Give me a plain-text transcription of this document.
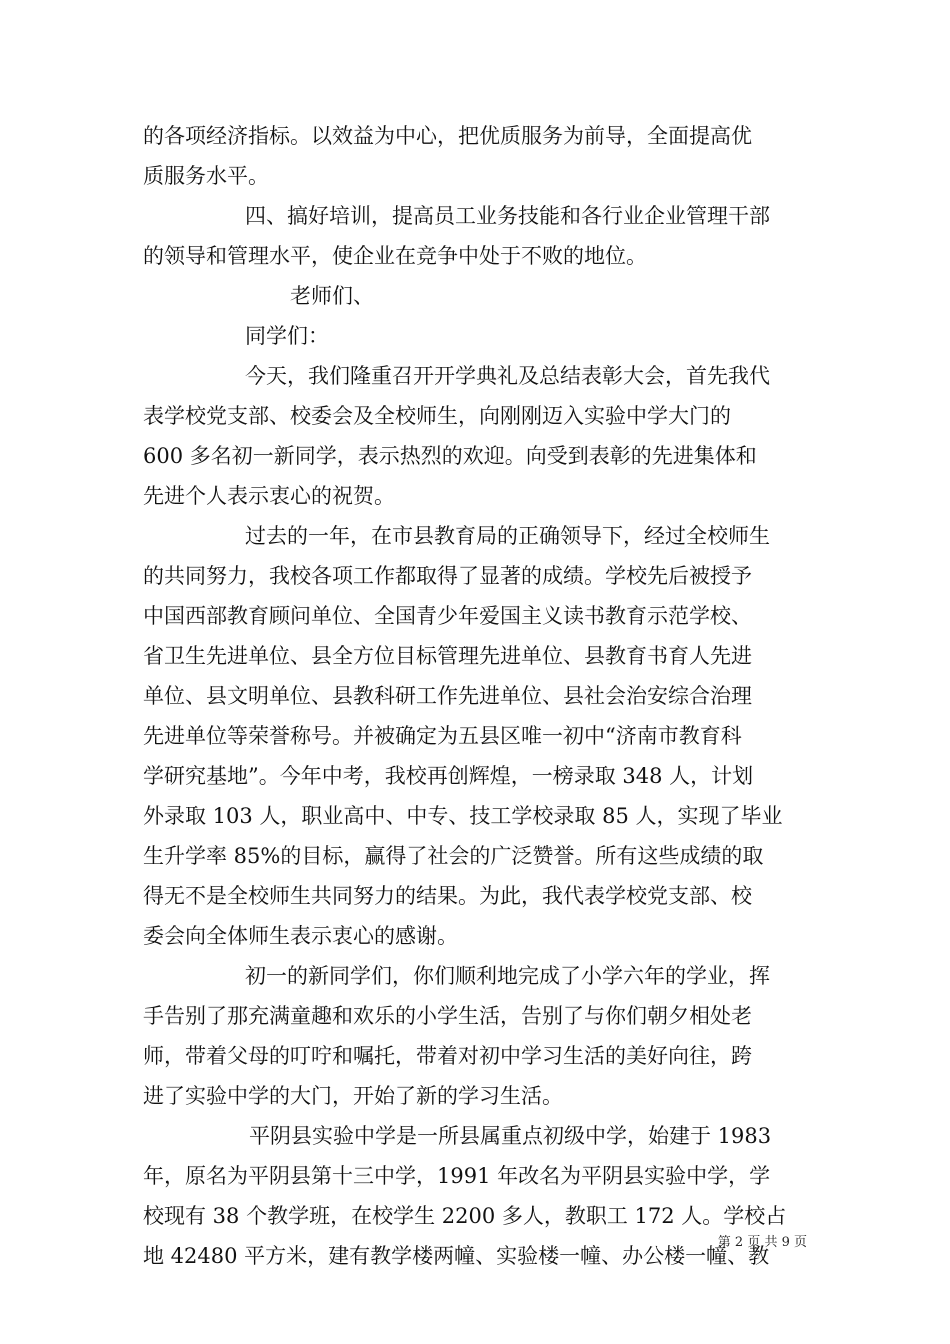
的各项经济指标。以效益为中心，把优质服务为前导，全面提高优
质服务水平。
四、搞好培训，提高员工业务技能和各行业企业管理干部
的领导和管理水平，使企业在竞争中处于不败的地位。
老师们、
同学们：
今天，我们隆重召开开学典礼及总结表彰大会，首先我代
表学校党支部、校委会及全校师生，向刚刚迈入实验中学大门的
600 多名初一新同学，表示热烈的欢迎。向受到表彰的先进集体和
先进个人表示衷心的祝贺。
过去的一年，在市县教育局的正确领导下，经过全校师生
的共同努力，我校各项工作都取得了显著的成绩。学校先后被授予
中国西部教育顾问单位、全国青少年爱国主义读书教育示范学校、
省卫生先进单位、县全方位目标管理先进单位、县教育书育人先进
单位、县文明单位、县教科研工作先进单位、县社会治安综合治理
先进单位等荣誉称号。并被确定为五县区唯一初中“济南市教育科
学研究基地”。今年中考，我校再创辉煌，一榜录取 348 人，计划
外录取 103 人，职业高中、中专、技工学校录取 85 人，实现了毕业
生升学率 85%的目标，赢得了社会的广泛赞誉。所有这些成绩的取
得无不是全校师生共同努力的结果。为此，我代表学校党支部、校
委会向全体师生表示衷心的感谢。
初一的新同学们，你们顺利地完成了小学六年的学业，挥
手告别了那充满童趣和欢乐的小学生活，告别了与你们朝夕相处老
师，带着父母的叮咛和嘱托，带着对初中学习生活的美好向往，跨
进了实验中学的大门，开始了新的学习生活。
平阴县实验中学是一所县属重点初级中学，始建于 1983
年，原名为平阴县第十三中学，1991 年改名为平阴县实验中学，学
校现有 38 个教学班，在校学生 2200 多人，教职工 172 人。学校占
地 42480 平方米，建有教学楼两幢、实验楼一幢、办公楼一幢、教
第 2 页 共 9 页
